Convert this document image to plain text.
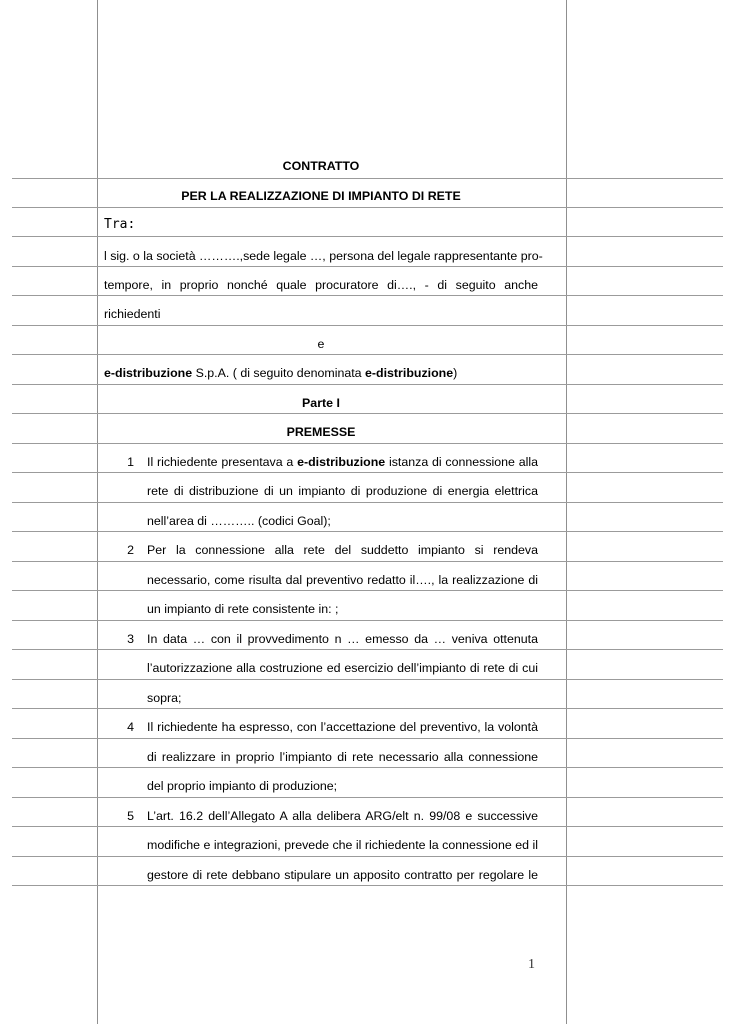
CONTRATTO
PER LA REALIZZAZIONE DI IMPIANTO DI RETE
Tra:
l sig. o la società ……….,sede legale …, persona del legale rappresentante pro-
tempore, in proprio nonché quale procuratore di…., - di seguito anche
richiedenti
e
e-distribuzione S.p.A. ( di seguito denominata e-distribuzione)
Parte I
PREMESSE
1 Il richiedente presentava a e-distribuzione istanza di connessione alla
rete di distribuzione di un impianto di produzione di energia elettrica
nell’area di ……….. (codici Goal);
2 Per la connessione alla rete del suddetto impianto si rendeva
necessario, come risulta dal preventivo redatto il…., la realizzazione di
un impianto di rete consistente in: ;
3 In data … con il provvedimento n … emesso da … veniva ottenuta
l’autorizzazione alla costruzione ed esercizio dell’impianto di rete di cui
sopra;
4 Il richiedente ha espresso, con l’accettazione del preventivo, la volontà
di realizzare in proprio l’impianto di rete necessario alla connessione
del proprio impianto di produzione;
5 L’art. 16.2 dell’Allegato A alla delibera ARG/elt n. 99/08 e successive
modifiche e integrazioni, prevede che il richiedente la connessione ed il
gestore di rete debbano stipulare un apposito contratto per regolare le
1
